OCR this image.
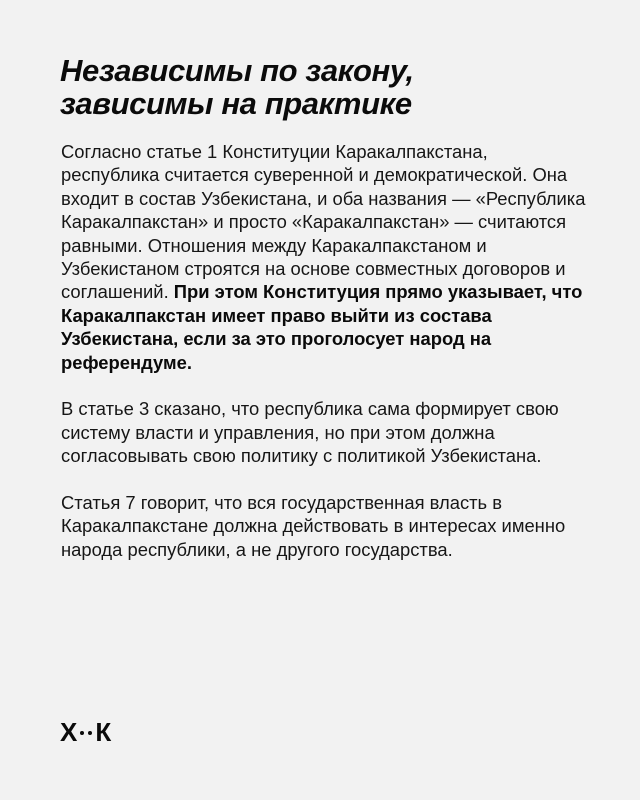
Независимы по закону,
зависимы на практике

Согласно статье 1 Конституции Каракалпакстана, республика считается суверенной и демократической. Она входит в состав Узбекистана, и оба названия — «Республика Каракалпакстан» и просто «Каракалпакстан» — считаются равными. Отношения между Каракалпакстаном и Узбекистаном строятся на основе совместных договоров и соглашений. При этом Конституция прямо указывает, что Каракалпакстан имеет право выйти из состава Узбекистана, если за это проголосует народ на референдуме.

В статье 3 сказано, что республика сама формирует свою систему власти и управления, но при этом должна согласовывать свою политику с политикой Узбекистана.

Статья 7 говорит, что вся государственная власть в Каракалпакстане должна действовать в интересах именно народа республики, а не другого государства.

Х К
